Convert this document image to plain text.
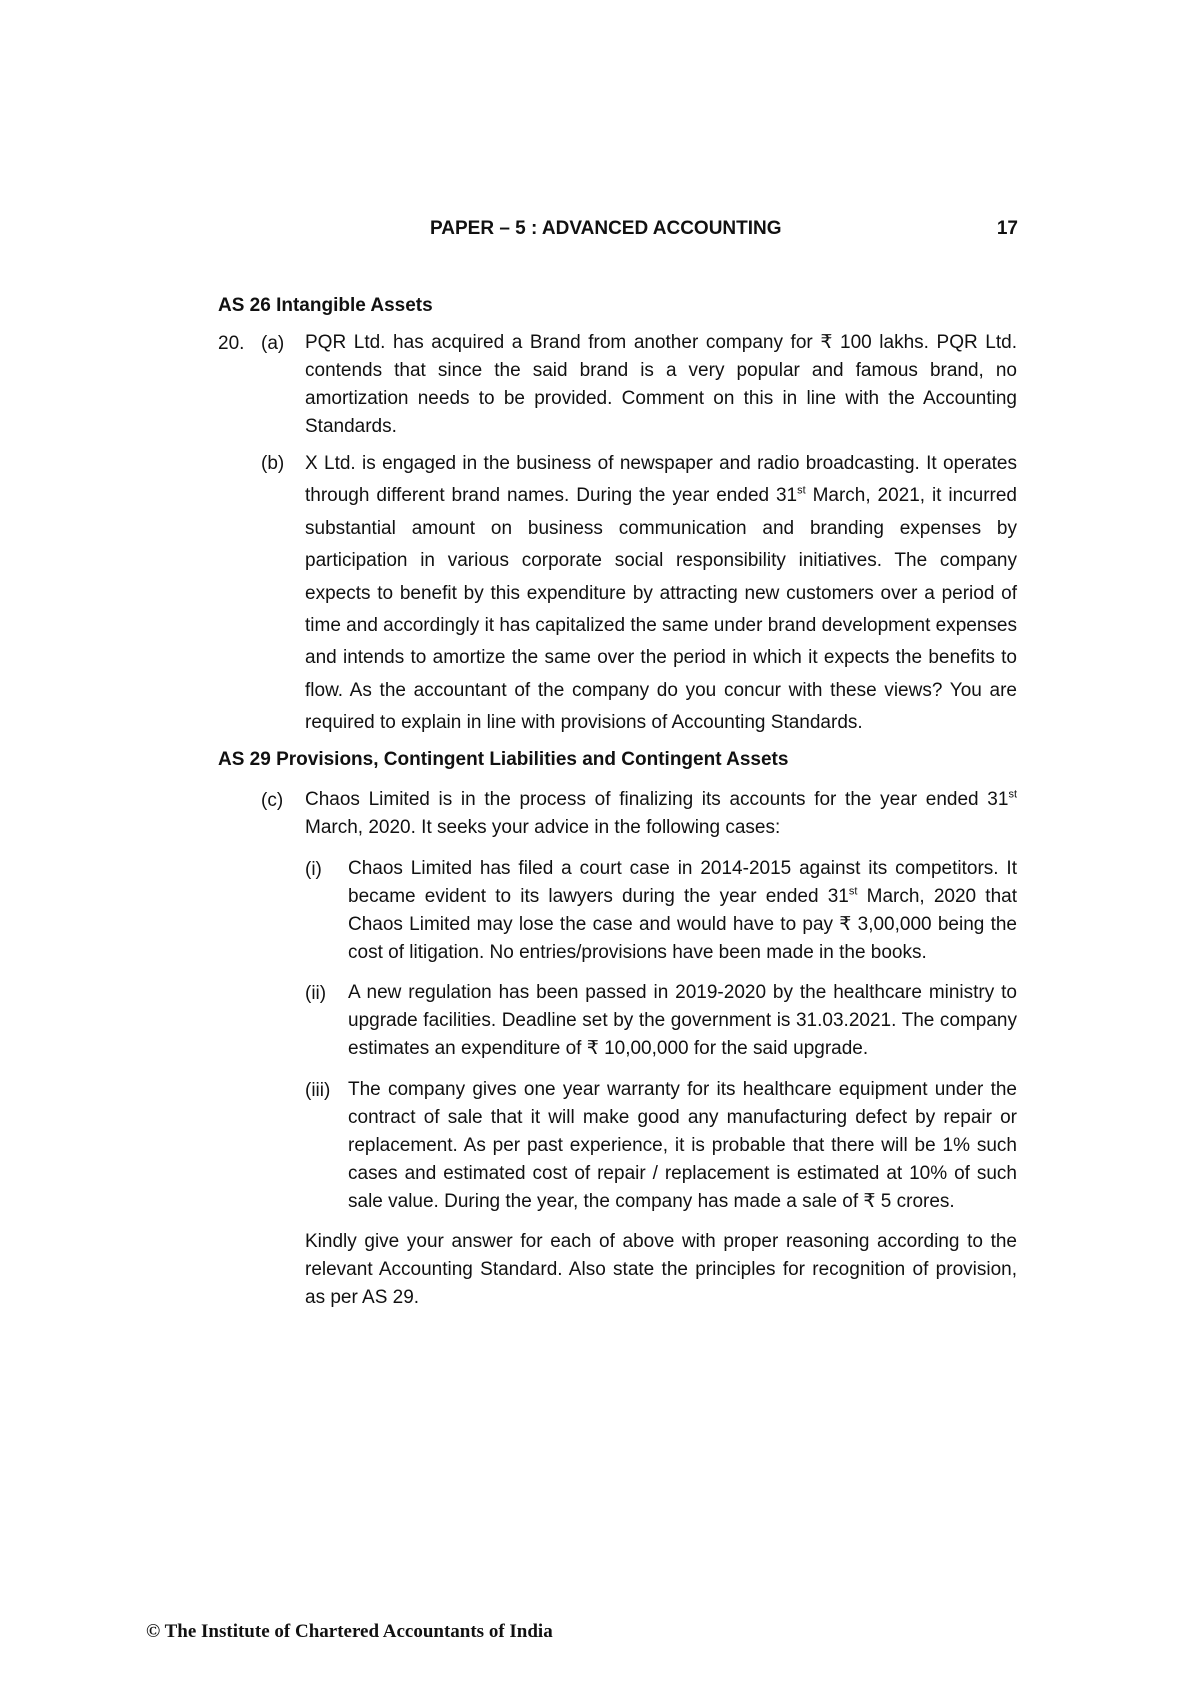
PAPER – 5 : ADVANCED ACCOUNTING	17
AS 26 Intangible Assets
20. (a) PQR Ltd. has acquired a Brand from another company for ₹ 100 lakhs. PQR Ltd. contends that since the said brand is a very popular and famous brand, no amortization needs to be provided. Comment on this in line with the Accounting Standards.
(b) X Ltd. is engaged in the business of newspaper and radio broadcasting. It operates through different brand names. During the year ended 31st March, 2021, it incurred substantial amount on business communication and branding expenses by participation in various corporate social responsibility initiatives. The company expects to benefit by this expenditure by attracting new customers over a period of time and accordingly it has capitalized the same under brand development expenses and intends to amortize the same over the period in which it expects the benefits to flow. As the accountant of the company do you concur with these views? You are required to explain in line with provisions of Accounting Standards.
AS 29 Provisions, Contingent Liabilities and Contingent Assets
(c) Chaos Limited is in the process of finalizing its accounts for the year ended 31st March, 2020. It seeks your advice in the following cases:
(i) Chaos Limited has filed a court case in 2014-2015 against its competitors. It became evident to its lawyers during the year ended 31st March, 2020 that Chaos Limited may lose the case and would have to pay ₹ 3,00,000 being the cost of litigation. No entries/provisions have been made in the books.
(ii) A new regulation has been passed in 2019-2020 by the healthcare ministry to upgrade facilities. Deadline set by the government is 31.03.2021. The company estimates an expenditure of ₹ 10,00,000 for the said upgrade.
(iii) The company gives one year warranty for its healthcare equipment under the contract of sale that it will make good any manufacturing defect by repair or replacement. As per past experience, it is probable that there will be 1% such cases and estimated cost of repair / replacement is estimated at 10% of such sale value. During the year, the company has made a sale of ₹ 5 crores.
Kindly give your answer for each of above with proper reasoning according to the relevant Accounting Standard. Also state the principles for recognition of provision, as per AS 29.
© The Institute of Chartered Accountants of India
